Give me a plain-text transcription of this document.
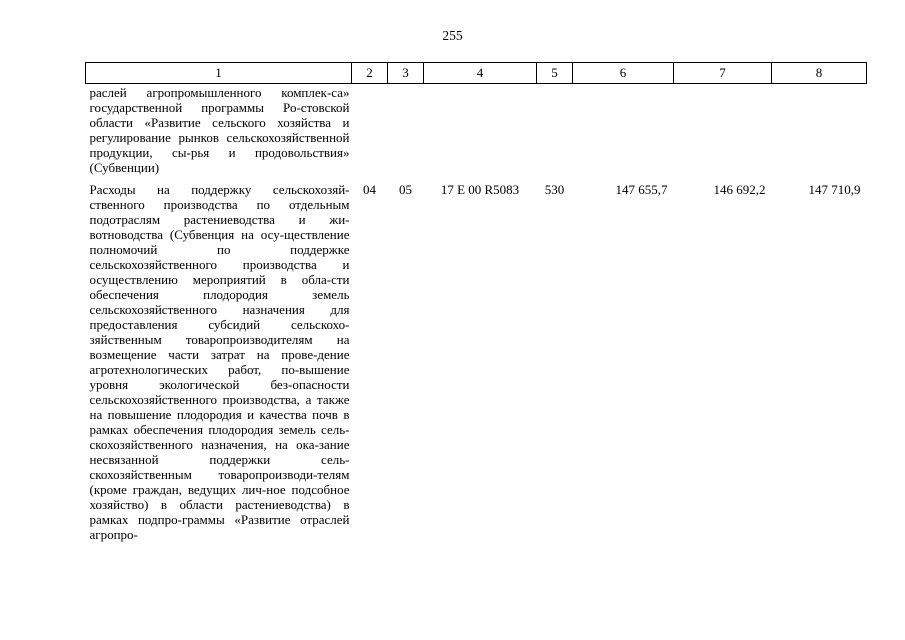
255
1	2	3	4	5	6	7	8
раслей агропромышленного комплек-са» государственной программы Ро-стовской области «Развитие сельского хозяйства и регулирование рынков сельскохозяйственной продукции, сы-рья и продовольствия» (Субвенции)							
Расходы на поддержку сельскохозяй-ственного производства по отдельным подотраслям растениеводства и жи-вотноводства (Субвенция на осу-ществление полномочий по поддержке сельскохозяйственного производства и осуществлению мероприятий в обла-сти обеспечения плодородия земель сельскохозяйственного назначения для предоставления субсидий сельскохо-зяйственным товаропроизводителям на возмещение части затрат на прове-дение агротехнологических работ, по-вышение уровня экологической без-опасности сельскохозяйственного производства, а также на повышение плодородия и качества почв в рамках обеспечения плодородия земель сель-скохозяйственного назначения, на ока-зание несвязанной поддержки сель-скохозяйственным товаропроизводи-телям (кроме граждан, ведущих лич-ное подсобное хозяйство) в области растениеводства) в рамках подпро-граммы «Развитие отраслей агропро-	04	05	17 Е 00 R5083	530	147 655,7	146 692,2	147 710,9
